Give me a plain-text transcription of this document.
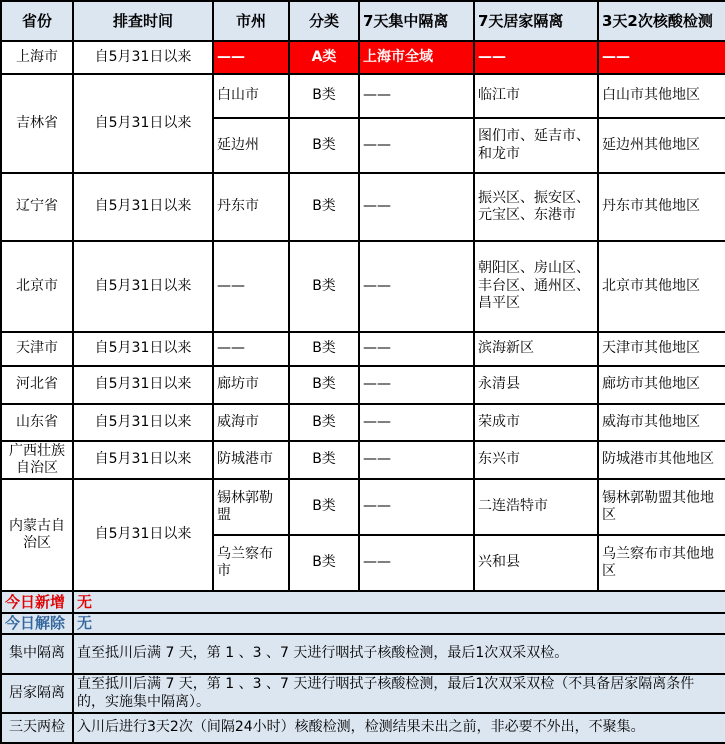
省份	排查时间	市州	分类	7天集中隔离	7天居家隔离	3天2次核酸检测
上海市	自5月31日以来	——	A类	上海市全域	——	——
吉林省	自5月31日以来	白山市	B类	——	临江市	白山市其他地区
		延边州	B类	——	图们市、延吉市、和龙市	延边州其他地区
辽宁省	自5月31日以来	丹东市	B类	——	振兴区、振安区、元宝区、东港市	丹东市其他地区
北京市	自5月31日以来	——	B类	——	朝阳区、房山区、丰台区、通州区、昌平区	北京市其他地区
天津市	自5月31日以来	——	B类	——	滨海新区	天津市其他地区
河北省	自5月31日以来	廊坊市	B类	——	永清县	廊坊市其他地区
山东省	自5月31日以来	威海市	B类	——	荣成市	威海市其他地区
广西壮族自治区	自5月31日以来	防城港市	B类	——	东兴市	防城港市其他地区
内蒙古自治区	自5月31日以来	锡林郭勒盟	B类	——	二连浩特市	锡林郭勒盟其他地区
		乌兰察布市	B类	——	兴和县	乌兰察布市其他地区
今日新增	无					
今日解除	无					
集中隔离	直至抵川后满 7 天，第 1 、3 、7 天进行咽拭子核酸检测，最后1次双采双检。					
居家隔离	直至抵川后满 7 天，第 1 、3 、7 天进行咽拭子核酸检测，最后1次双采双检（不具备居家隔离条件的，实施集中隔离）。					
三天两检	入川后进行3天2次（间隔24小时）核酸检测，检测结果未出之前，非必要不外出，不聚集。					
